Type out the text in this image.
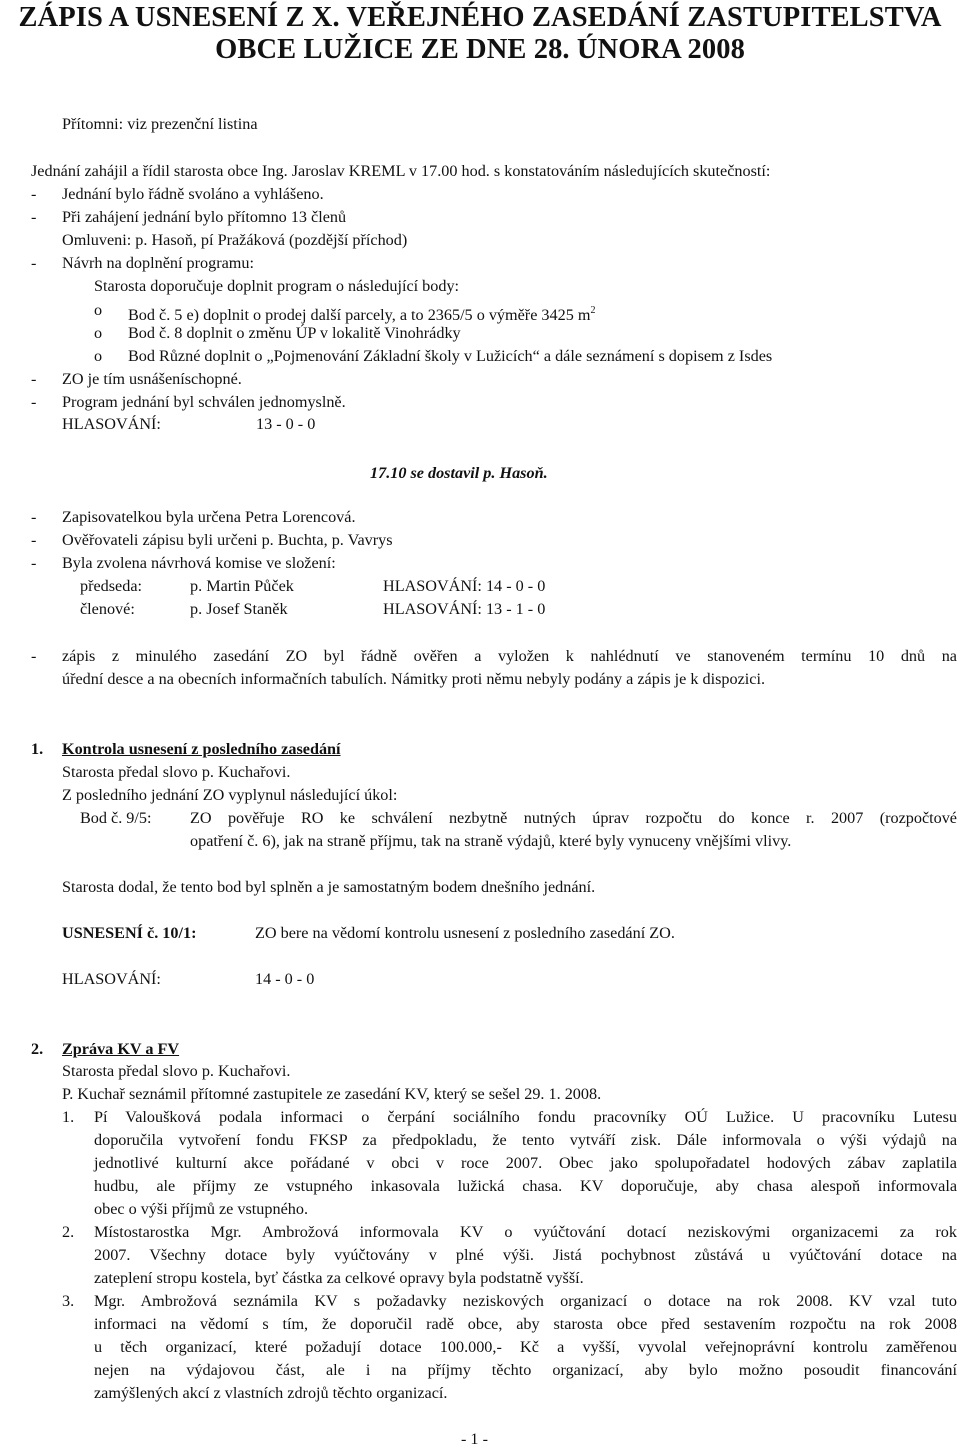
ZÁPIS A USNESENÍ Z X. VEŘEJNÉHO ZASEDÁNÍ ZASTUPITELSTVA
OBCE LUŽICE ZE DNE 28. ÚNORA 2008
Přítomni: viz prezenční listina
Jednání zahájil a řídil starosta obce Ing. Jaroslav KREML v 17.00 hod. s konstatováním následujících skutečností:
- Jednání bylo řádně svoláno a vyhlášeno.
- Při zahájení jednání bylo přítomno 13 členů
Omluveni: p. Hasoň, pí Pražáková (pozdější příchod)
- Návrh na doplnění programu:
Starosta doporučuje doplnit program o následující body:
o Bod č. 5 e) doplnit o prodej další parcely, a to 2365/5 o výměře 3425 $m^2$
o Bod č. 8 doplnit o změnu ÚP v lokalitě Vinohrádky
o Bod Různé doplnit o „Pojmenování Základní školy v Lužicích“ a dále seznámení s dopisem z Isdes
- ZO je tím usnášeníschopné.
- Program jednání byl schválen jednomyslně.
HLASOVÁNÍ:	13 - 0 - 0
17.10 se dostavil p. Hasoň.
- Zapisovatelkou byla určena Petra Lorencová.
- Ověřovateli zápisu byli určeni p. Buchta, p. Vavrys
- Byla zvolena návrhová komise ve složení:
předseda:	p. Martin Půček	HLASOVÁNÍ: 14 - 0 - 0
členové:	p. Josef Staněk	HLASOVÁNÍ: 13 - 1 - 0
- zápis z minulého zasedání ZO byl řádně ověřen a vyložen k nahlédnutí ve stanoveném termínu 10 dnů na
úřední desce a na obecních informačních tabulích. Námitky proti němu nebyly podány a zápis je k dispozici.
1. Kontrola usnesení z posledního zasedání
Starosta předal slovo p. Kuchařovi.
Z posledního jednání ZO vyplynul následující úkol:
Bod č. 9/5: ZO pověřuje RO ke schválení nezbytně nutných úprav rozpočtu do konce r. 2007 (rozpočtové
opatření č. 6), jak na straně příjmu, tak na straně výdajů, které byly vynuceny vnějšími vlivy.
Starosta dodal, že tento bod byl splněn a je samostatným bodem dnešního jednání.
USNESENÍ č. 10/1:	ZO bere na vědomí kontrolu usnesení z posledního zasedání ZO.
HLASOVÁNÍ:	14 - 0 - 0
2. Zpráva KV a FV
Starosta předal slovo p. Kuchařovi.
P. Kuchař seznámil přítomné zastupitele ze zasedání KV, který se sešel 29. 1. 2008.
1. Pí Valoušková podala informaci o čerpání sociálního fondu pracovníky OÚ Lužice. U pracovníku Lutesu
doporučila vytvoření fondu FKSP za předpokladu, že tento vytváří zisk. Dále informovala o výši výdajů na
jednotlivé kulturní akce pořádané v obci v roce 2007. Obec jako spolupořadatel hodových zábav zaplatila
hudbu, ale příjmy ze vstupného inkasovala lužická chasa. KV doporučuje, aby chasa alespoň informovala
obec o výši příjmů ze vstupného.
2. Místostarostka Mgr. Ambrožová informovala KV o vyúčtování dotací neziskovými organizacemi za rok
2007. Všechny dotace byly vyúčtovány v plné výši. Jistá pochybnost zůstává u vyúčtování dotace na
zateplení stropu kostela, byť částka za celkové opravy byla podstatně vyšší.
3. Mgr. Ambrožová seznámila KV s požadavky neziskových organizací o dotace na rok 2008. KV vzal tuto
informaci na vědomí s tím, že doporučil radě obce, aby starosta obce před sestavením rozpočtu na rok 2008
u těch organizací, které požadují dotace 100.000,- Kč a vyšší, vyvolal veřejnoprávní kontrolu zaměřenou
nejen na výdajovou část, ale i na příjmy těchto organizací, aby bylo možno posoudit financování
zamýšlených akcí z vlastních zdrojů těchto organizací.
- 1 -
